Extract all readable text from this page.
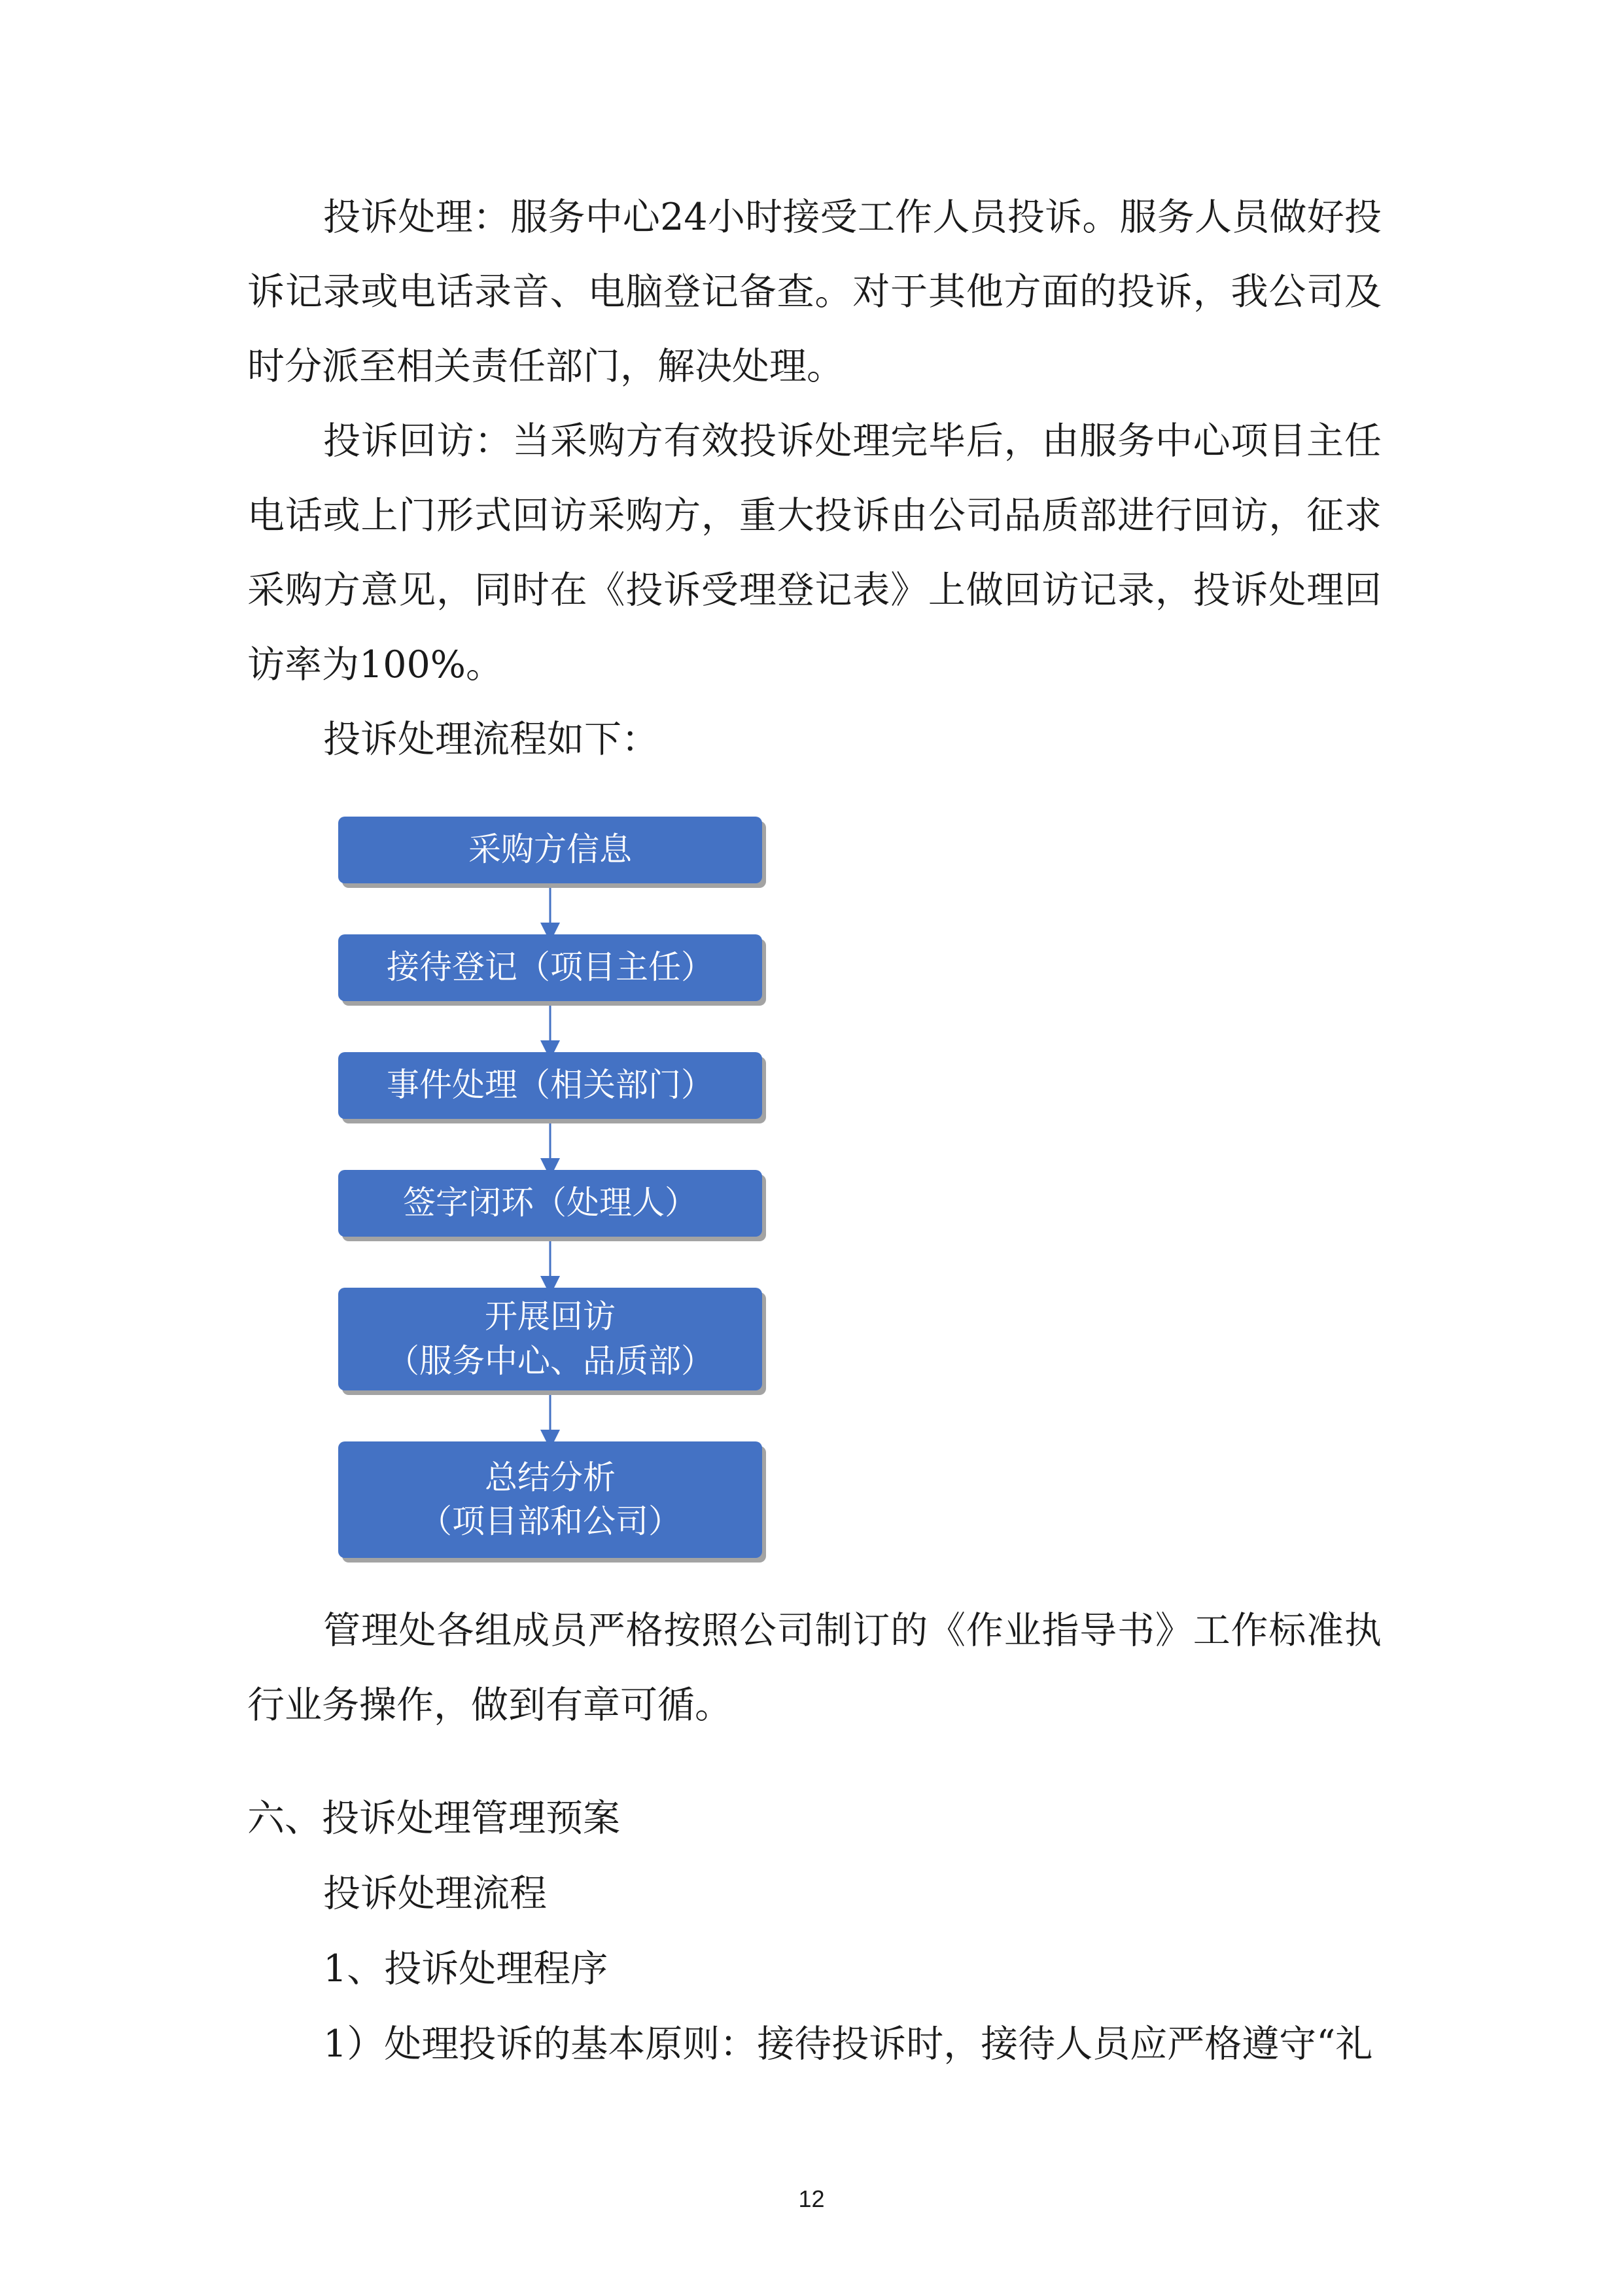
投诉处理：服务中心24小时接受工作人员投诉。服务人员做好投诉记录或电话录音、电脑登记备查。对于其他方面的投诉，我公司及时分派至相关责任部门，解决处理。

投诉回访：当采购方有效投诉处理完毕后，由服务中心项目主任电话或上门形式回访采购方，重大投诉由公司品质部进行回访，征求采购方意见，同时在《投诉受理登记表》上做回访记录，投诉处理回访率为100%。

投诉处理流程如下：

采购方信息
接待登记（项目主任）
事件处理（相关部门）
签字闭环（处理人）
开展回访
（服务中心、品质部）
总结分析
（项目部和公司）

管理处各组成员严格按照公司制订的《作业指导书》工作标准执行业务操作，做到有章可循。

六、投诉处理管理预案

投诉处理流程

1、投诉处理程序

1）处理投诉的基本原则：接待投诉时，接待人员应严格遵守“礼

12
